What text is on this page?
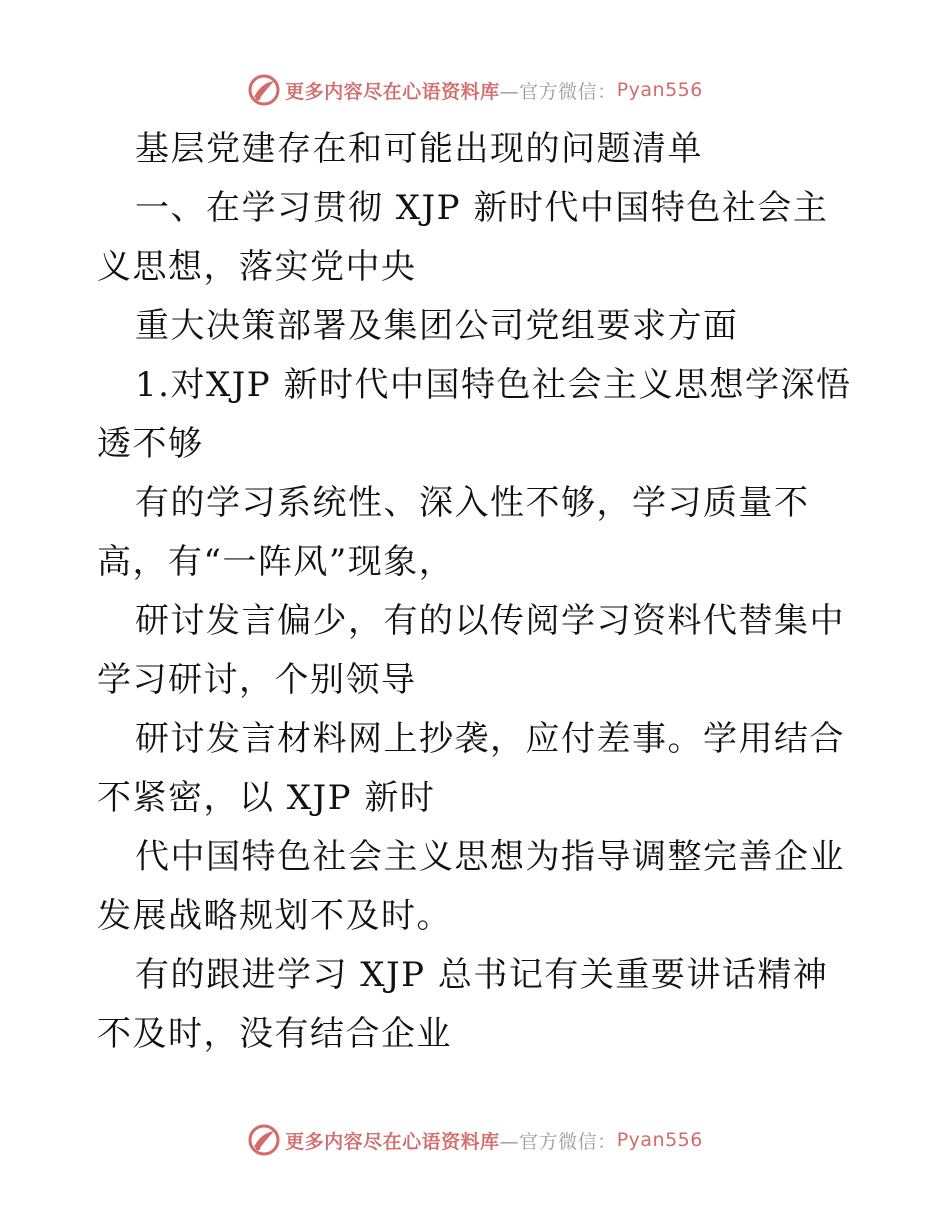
更多内容尽在心语资料库 —官方微信： Pyan556

基层党建存在和可能出现的问题清单

一、在学习贯彻 XJP 新时代中国特色社会主义思想，落实党中央

重大决策部署及集团公司党组要求方面

1.对XJP 新时代中国特色社会主义思想学深悟透不够

有的学习系统性、深入性不够，学习质量不高，有“一阵风”现象，

研讨发言偏少，有的以传阅学习资料代替集中学习研讨，个别领导

研讨发言材料网上抄袭，应付差事。学用结合不紧密，以 XJP 新时

代中国特色社会主义思想为指导调整完善企业发展战略规划不及时。

有的跟进学习 XJP 总书记有关重要讲话精神不及时，没有结合企业

更多内容尽在心语资料库 —官方微信： Pyan556
